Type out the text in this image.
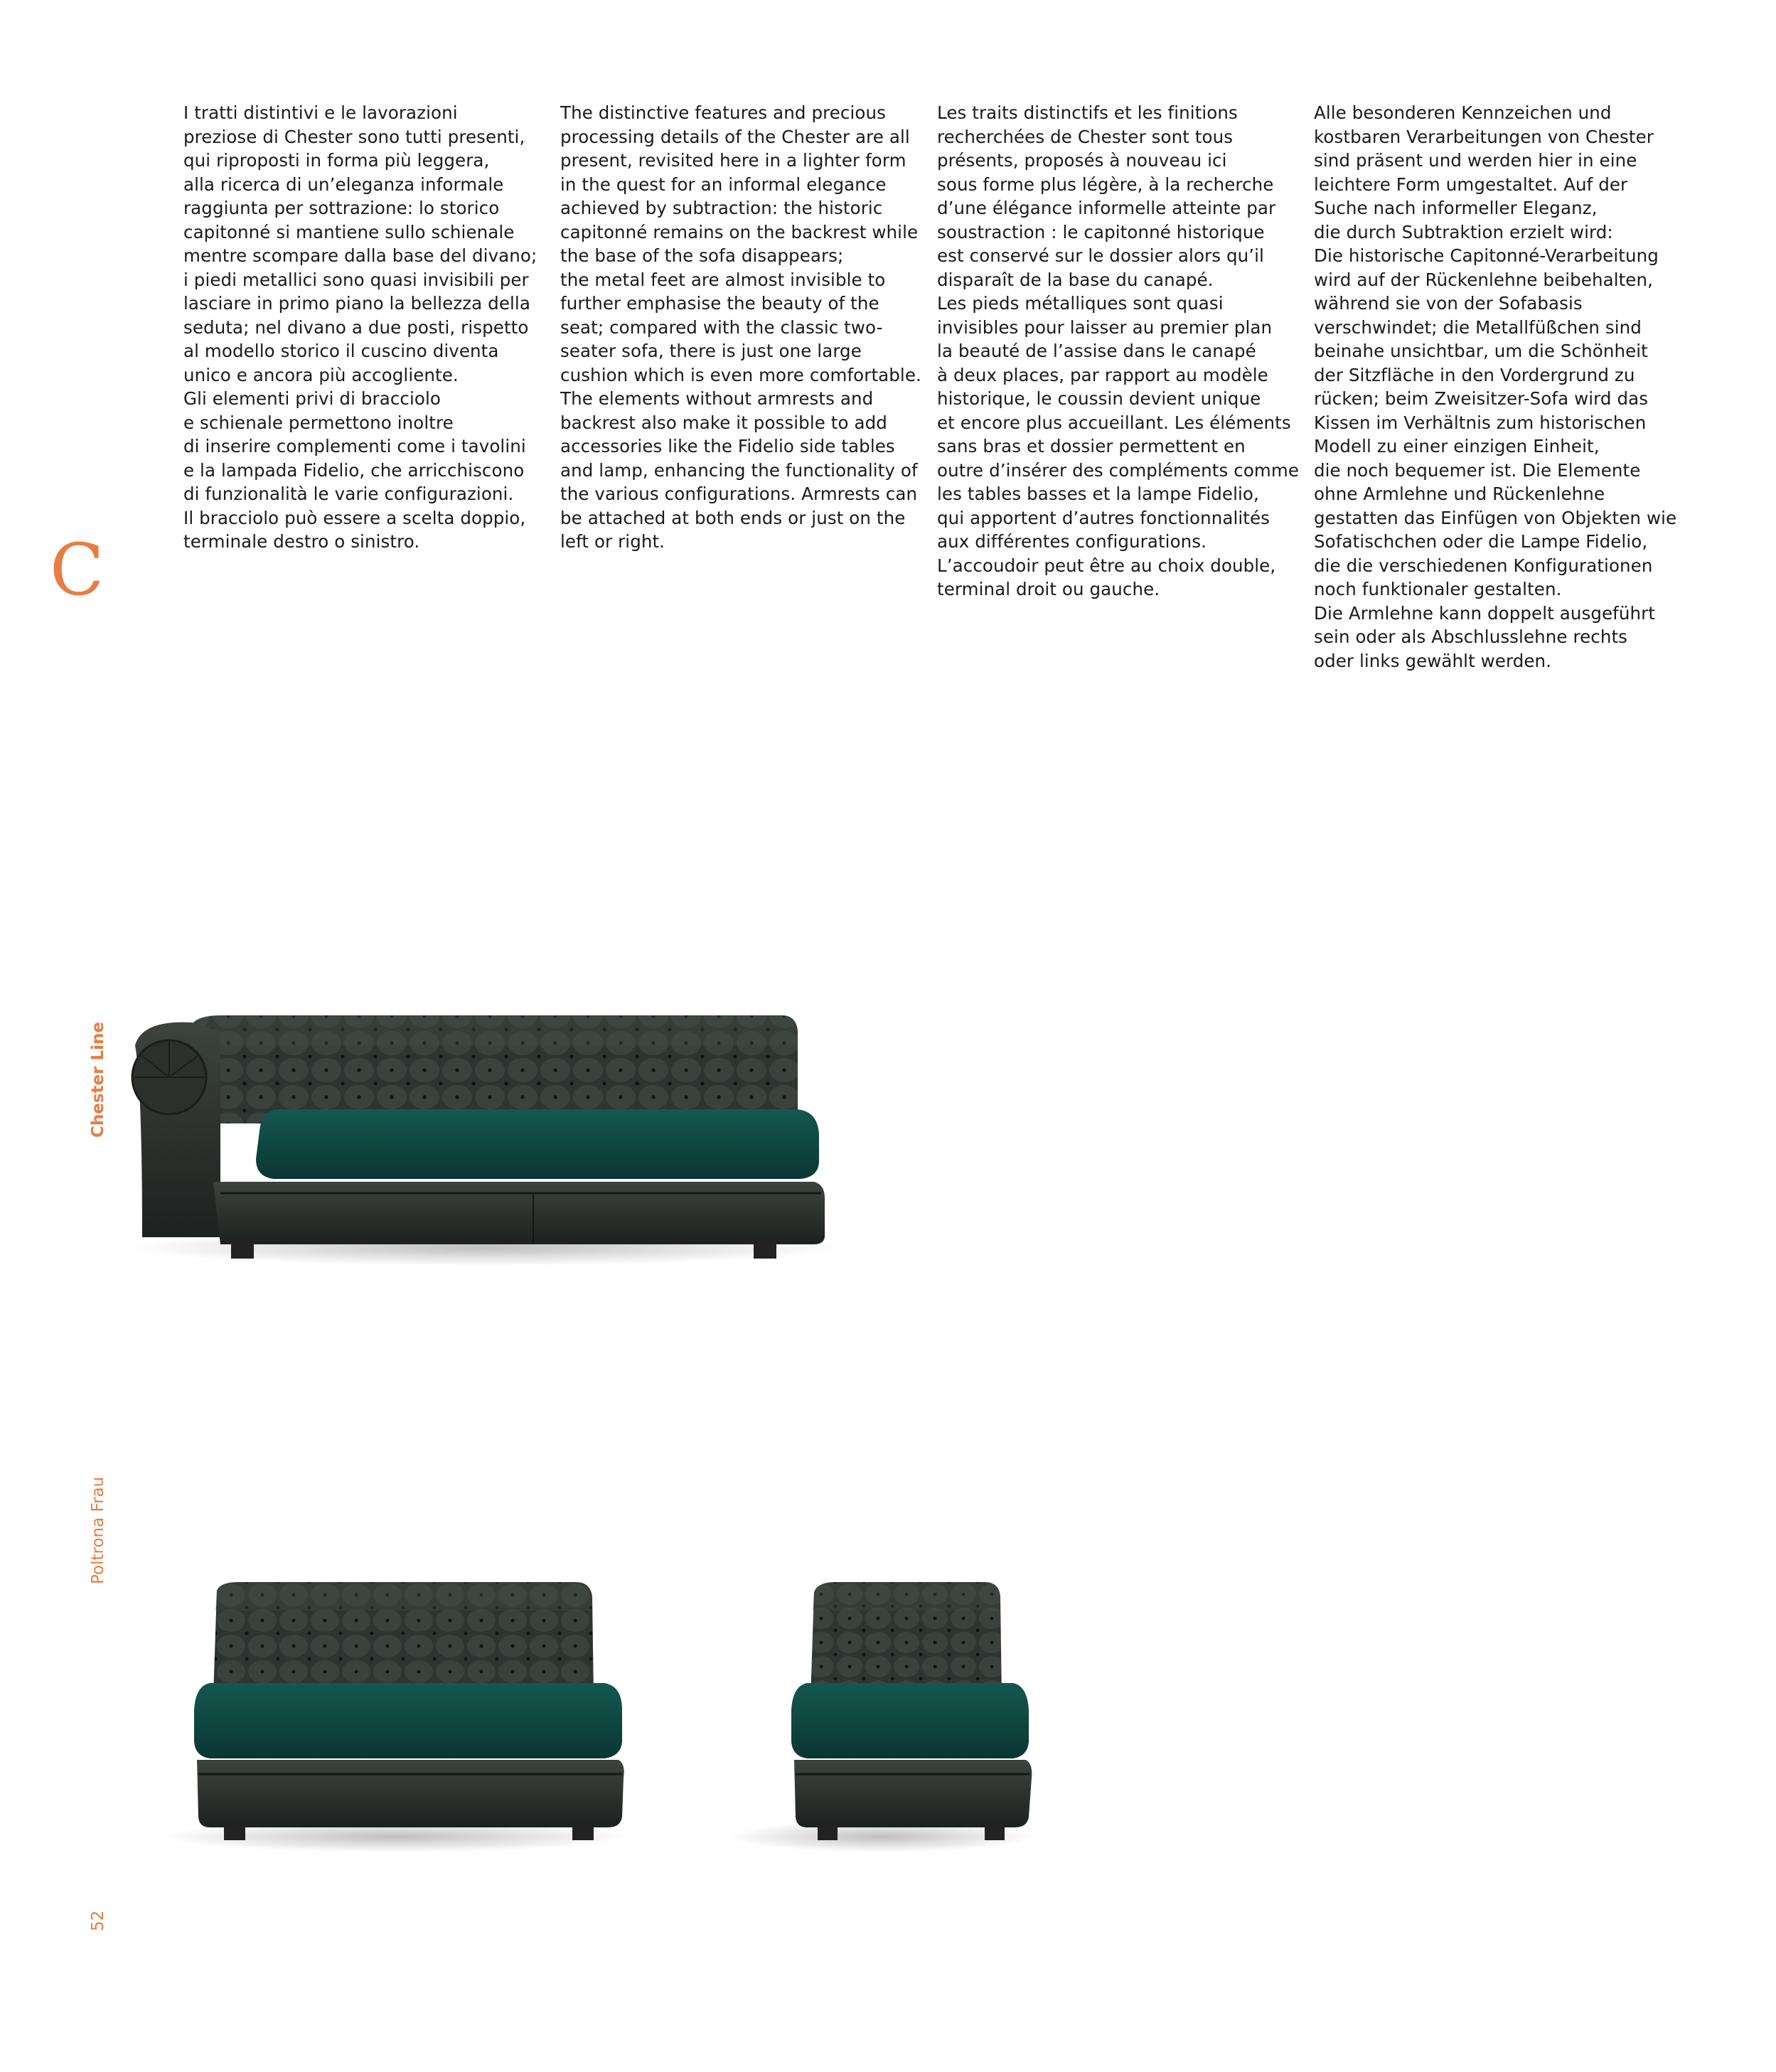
I tratti distintivi e le lavorazioni
preziose di Chester sono tutti presenti,
qui riproposti in forma più leggera,
alla ricerca di un’eleganza informale
raggiunta per sottrazione: lo storico
capitonné si mantiene sullo schienale
mentre scompare dalla base del divano;
i piedi metallici sono quasi invisibili per
lasciare in primo piano la bellezza della
seduta; nel divano a due posti, rispetto
al modello storico il cuscino diventa
unico e ancora più accogliente.
Gli elementi privi di bracciolo
e schienale permettono inoltre
di inserire complementi come i tavolini
e la lampada Fidelio, che arricchiscono
di funzionalità le varie configurazioni.
Il bracciolo può essere a scelta doppio,
terminale destro o sinistro.
The distinctive features and precious
processing details of the Chester are all
present, revisited here in a lighter form
in the quest for an informal elegance
achieved by subtraction: the historic
capitonné remains on the backrest while
the base of the sofa disappears;
the metal feet are almost invisible to
further emphasise the beauty of the
seat; compared with the classic two-
seater sofa, there is just one large
cushion which is even more comfortable.
The elements without armrests and
backrest also make it possible to add
accessories like the Fidelio side tables
and lamp, enhancing the functionality of
the various configurations. Armrests can
be attached at both ends or just on the
left or right.
Les traits distinctifs et les finitions
recherchées de Chester sont tous
présents, proposés à nouveau ici
sous forme plus légère, à la recherche
d’une élégance informelle atteinte par
soustraction : le capitonné historique
est conservé sur le dossier alors qu’il
disparaît de la base du canapé.
Les pieds métalliques sont quasi
invisibles pour laisser au premier plan
la beauté de l’assise dans le canapé
à deux places, par rapport au modèle
historique, le coussin devient unique
et encore plus accueillant. Les éléments
sans bras et dossier permettent en
outre d’insérer des compléments comme
les tables basses et la lampe Fidelio,
qui apportent d’autres fonctionnalités
aux différentes configurations.
L’accoudoir peut être au choix double,
terminal droit ou gauche.
Alle besonderen Kennzeichen und
kostbaren Verarbeitungen von Chester
sind präsent und werden hier in eine
leichtere Form umgestaltet. Auf der
Suche nach informeller Eleganz,
die durch Subtraktion erzielt wird:
Die historische Capitonné-Verarbeitung
wird auf der Rückenlehne beibehalten,
während sie von der Sofabasis
verschwindet; die Metallfüßchen sind
beinahe unsichtbar, um die Schönheit
der Sitzfläche in den Vordergrund zu
rücken; beim Zweisitzer-Sofa wird das
Kissen im Verhältnis zum historischen
Modell zu einer einzigen Einheit,
die noch bequemer ist. Die Elemente
ohne Armlehne und Rückenlehne
gestatten das Einfügen von Objekten wie
Sofatischchen oder die Lampe Fidelio,
die die verschiedenen Konfigurationen
noch funktionaler gestalten.
Die Armlehne kann doppelt ausgeführt
sein oder als Abschlusslehne rechts
oder links gewählt werden.
C
Chester Line
Poltrona Frau
52
